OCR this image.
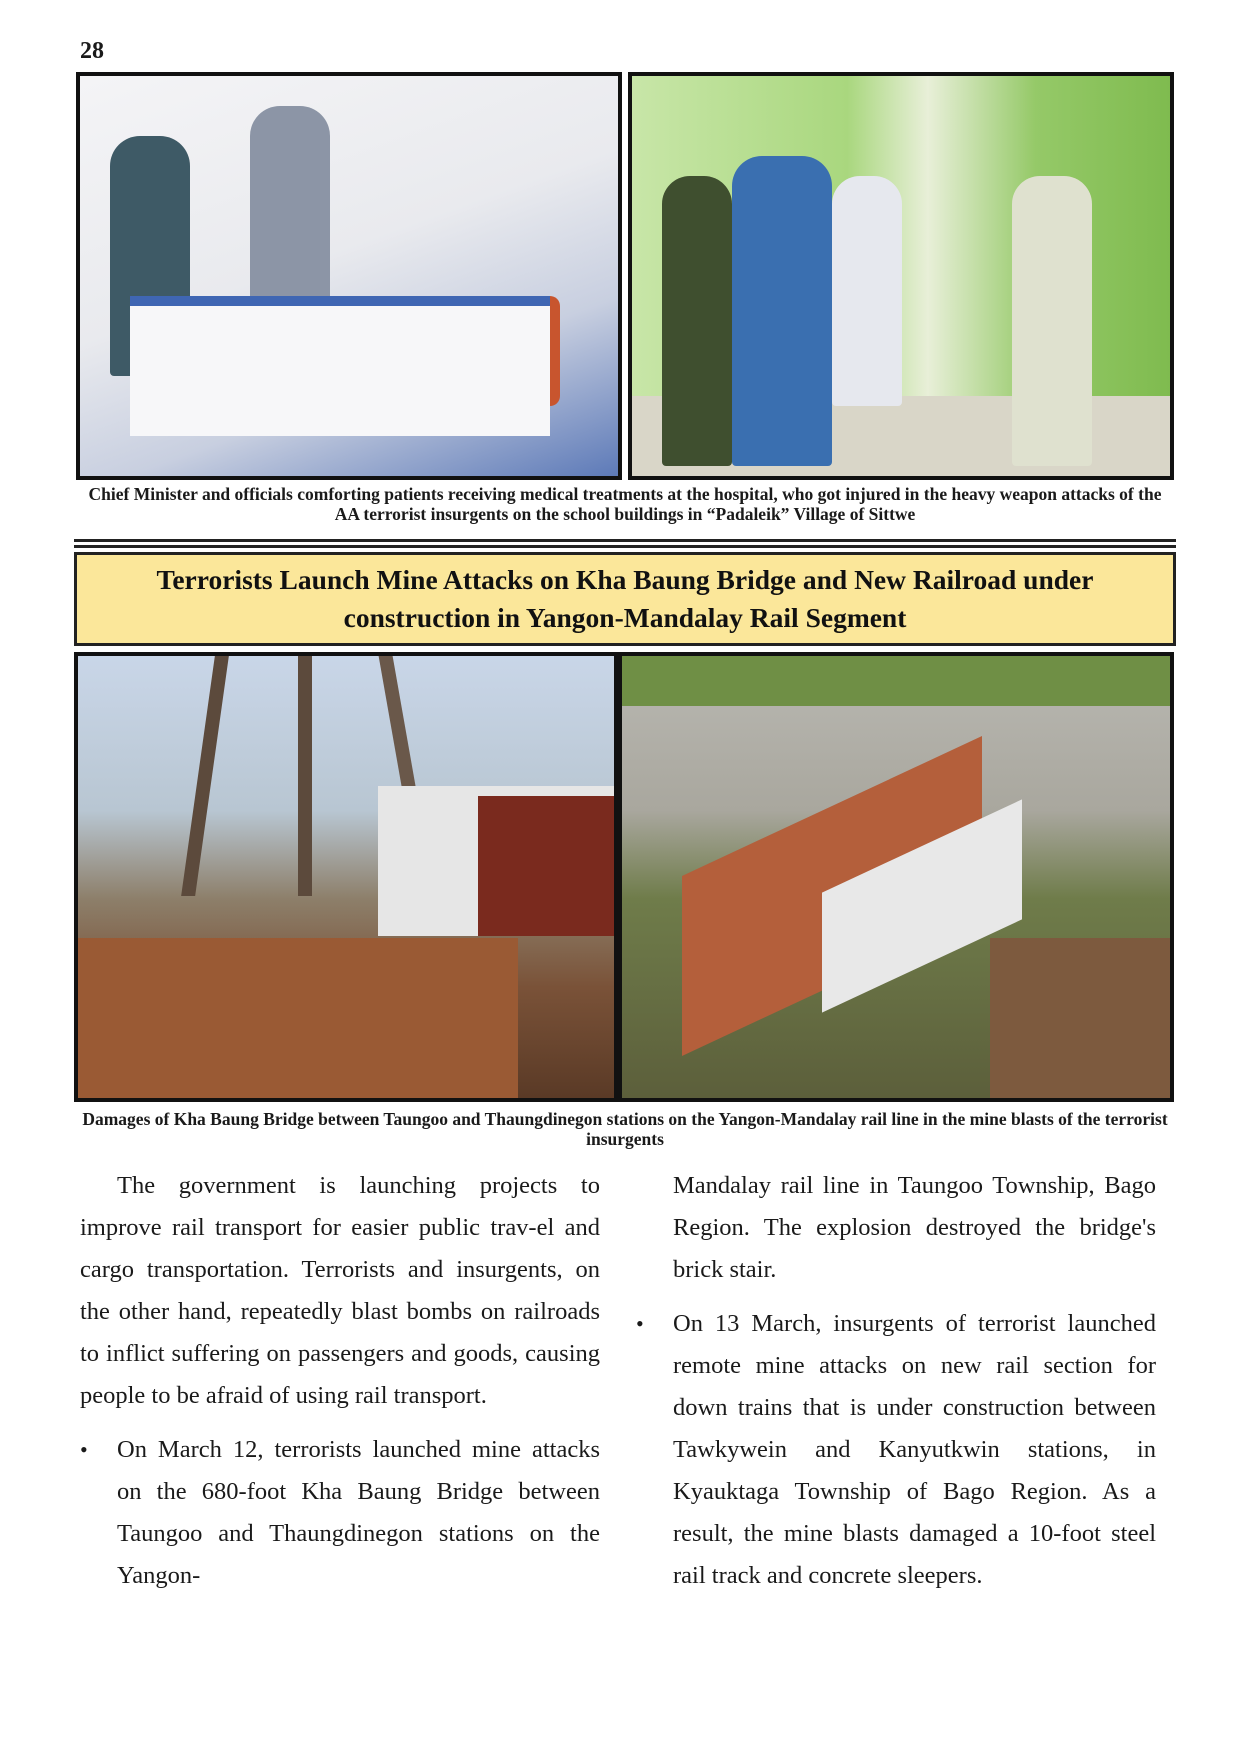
28
Chief Minister and officials comforting patients receiving medical treatments at the hospital, who got injured in the heavy weapon attacks of the AA terrorist insurgents on the school buildings in “Padaleik” Village of Sittwe
Terrorists Launch Mine Attacks on Kha Baung Bridge and New Railroad under construction in Yangon-Mandalay Rail Segment
Damages of Kha Baung Bridge between Taungoo and Thaungdinegon stations on the Yangon-Mandalay rail line in the mine blasts of the terrorist insurgents

The government is launching projects to improve rail transport for easier public trav-el and cargo transportation. Terrorists and insurgents, on the other hand, repeatedly blast bombs on railroads to inflict suffering on passengers and goods, causing people to be afraid of using rail transport.

•	On March 12, terrorists launched mine attacks on the 680-foot Kha Baung Bridge between Taungoo and Thaungdinegon stations on the Yangon-

Mandalay rail line in Taungoo Township, Bago Region. The explosion destroyed the bridge's brick stair.

•	On 13 March, insurgents of terrorist launched remote mine attacks on new rail section for down trains that is under construction between Tawkywein and Kanyutkwin stations, in Kyauktaga Township of Bago Region. As a result, the mine blasts damaged a 10-foot steel rail track and concrete sleepers.
